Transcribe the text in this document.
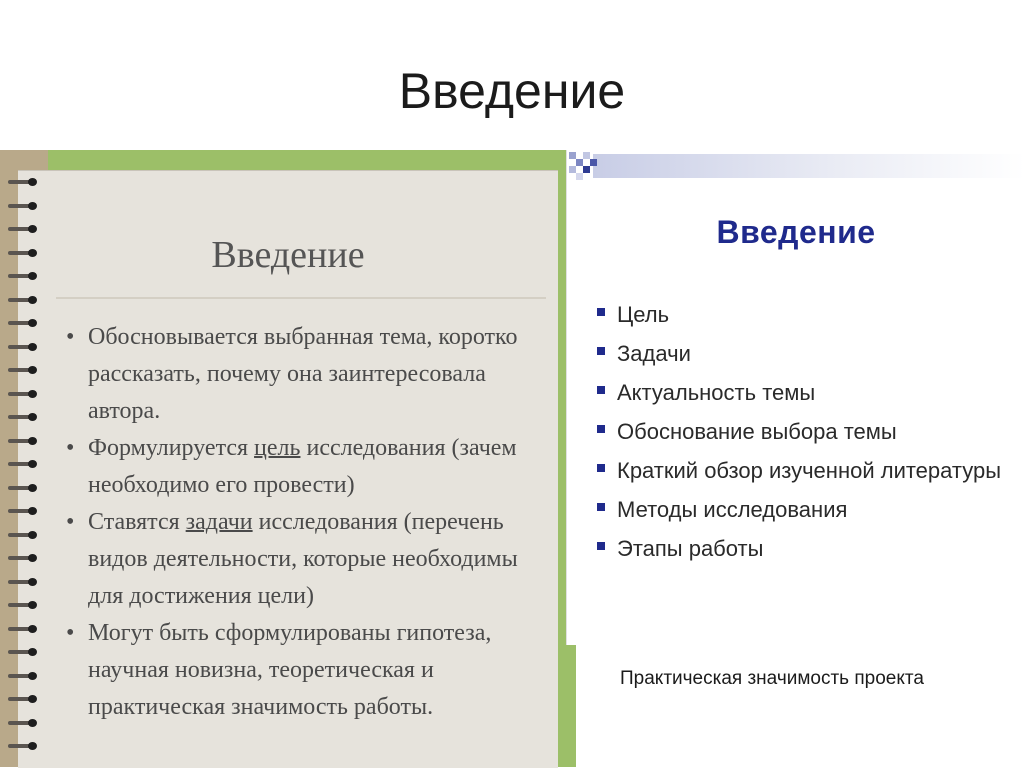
Введение
Введение
• Обосновывается выбранная тема, коротко рассказать, почему она заинтересовала автора.
• Формулируется цель исследования (зачем необходимо его провести)
• Ставятся задачи исследования (перечень видов деятельности, которые необходимы для достижения цели)
• Могут быть сформулированы гипотеза, научная новизна, теоретическая и практическая значимость работы.
Введение
Цель
Задачи
Актуальность темы
Обоснование выбора темы
Краткий обзор изученной литературы
Методы исследования
Этапы работы
Практическая значимость проекта
